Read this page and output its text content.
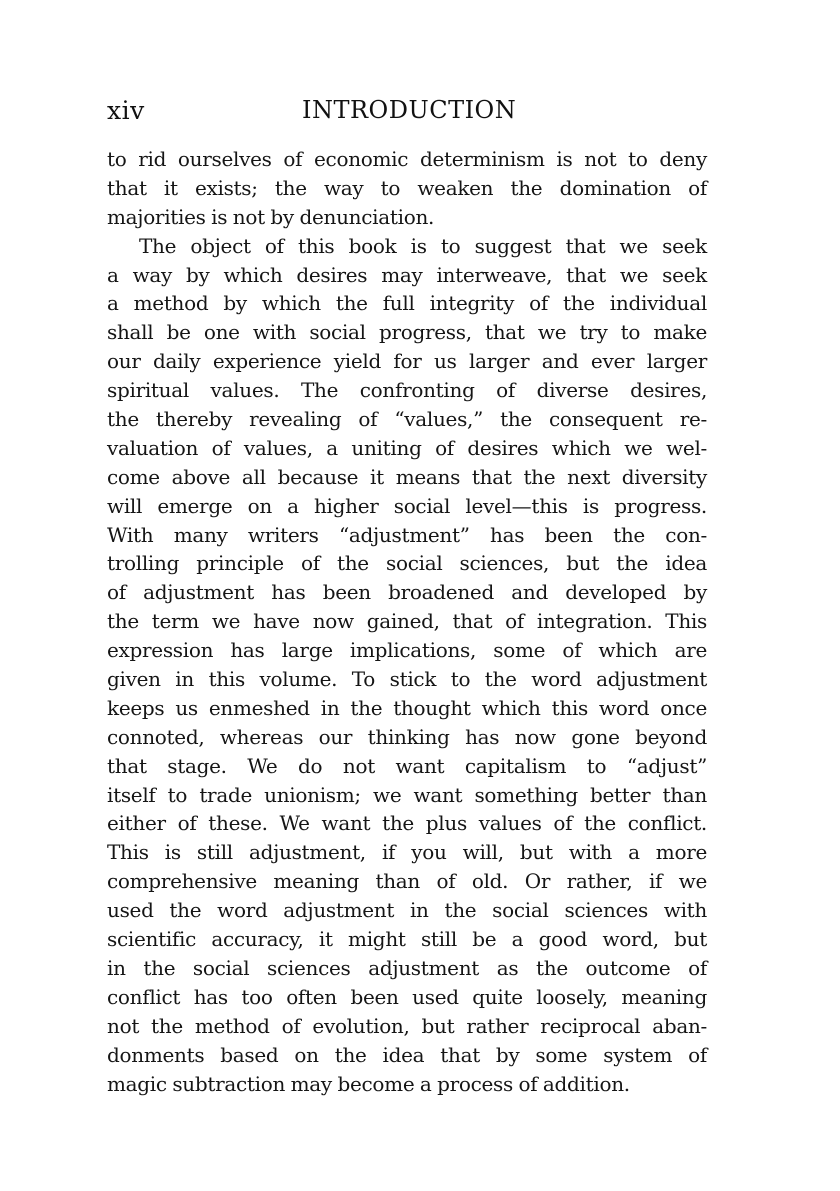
xiv	INTRODUCTION
to rid ourselves of economic determinism is not to deny
that it exists; the way to weaken the domination of
majorities is not by denunciation.
The object of this book is to suggest that we seek
a way by which desires may interweave, that we seek
a method by which the full integrity of the individual
shall be one with social progress, that we try to make
our daily experience yield for us larger and ever larger
spiritual values. The confronting of diverse desires,
the thereby revealing of “values,” the consequent re-
valuation of values, a uniting of desires which we wel-
come above all because it means that the next diversity
will emerge on a higher social level—this is progress.
With many writers “adjustment” has been the con-
trolling principle of the social sciences, but the idea
of adjustment has been broadened and developed by
the term we have now gained, that of integration. This
expression has large implications, some of which are
given in this volume. To stick to the word adjustment
keeps us enmeshed in the thought which this word once
connoted, whereas our thinking has now gone beyond
that stage. We do not want capitalism to “adjust”
itself to trade unionism; we want something better than
either of these. We want the plus values of the conflict.
This is still adjustment, if you will, but with a more
comprehensive meaning than of old. Or rather, if we
used the word adjustment in the social sciences with
scientific accuracy, it might still be a good word, but
in the social sciences adjustment as the outcome of
conflict has too often been used quite loosely, meaning
not the method of evolution, but rather reciprocal aban-
donments based on the idea that by some system of
magic subtraction may become a process of addition.
